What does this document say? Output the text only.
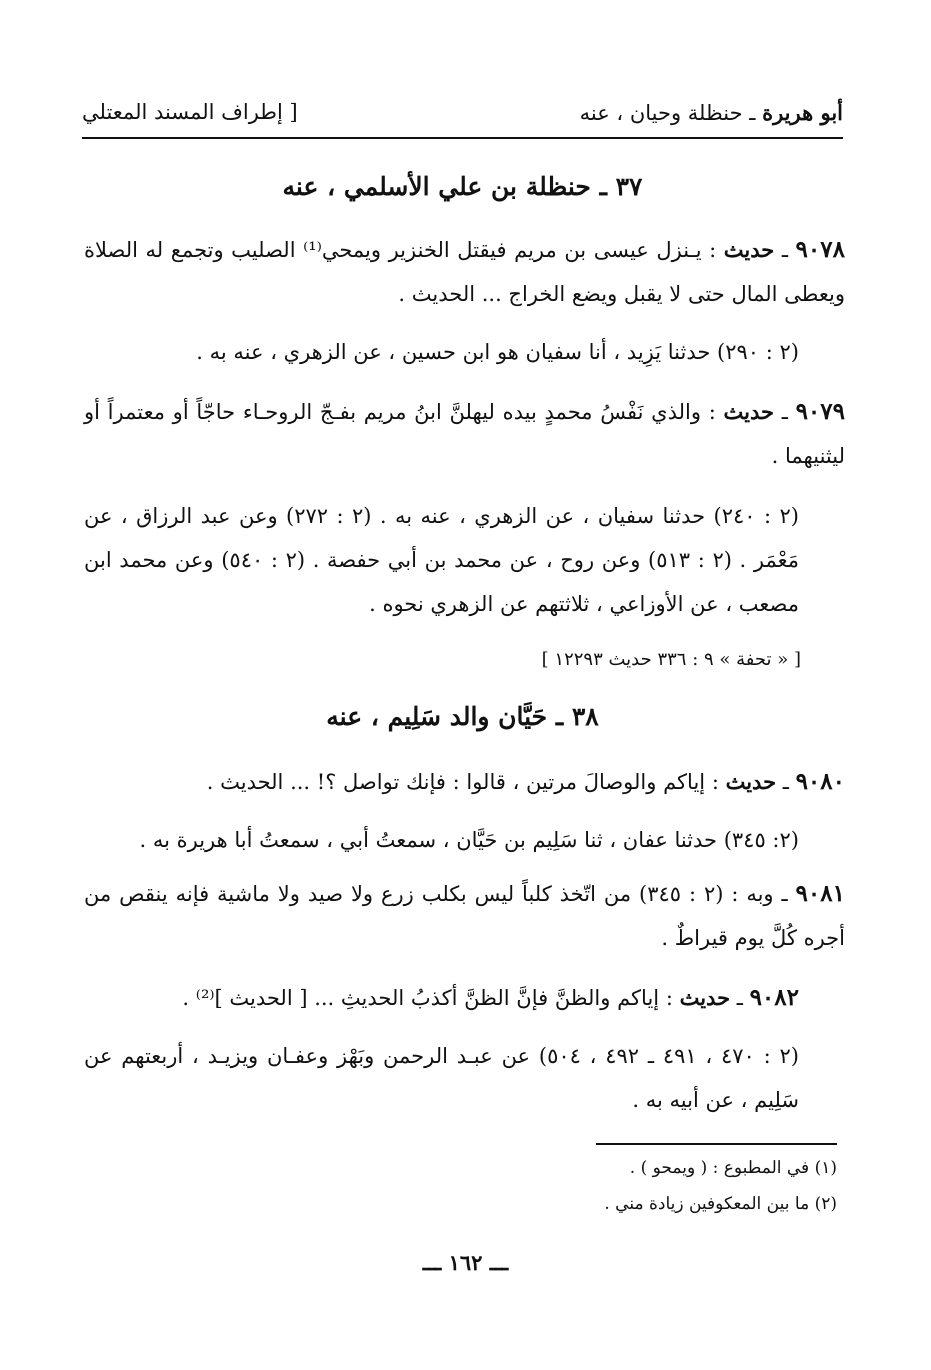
أبو هريرة ـ حنظلة وحيان ، عنه
[ إطراف المسند المعتلي
٣٧ ـ حنظلة بن علي الأسلمي ، عنه
٩٠٧٨ ـ حديث : يـنزل عيسى بن مريم فيقتل الخنزير ويمحي⁽¹⁾ الصليب وتجمع له الصلاة ويعطى المال حتى لا يقبل ويضع الخراج ... الحديث .
(٢ : ٢٩٠) حدثنا يَزِيد ، أنا سفيان هو ابن حسين ، عن الزهري ، عنه به .
٩٠٧٩ ـ حديث : والذي نَفْسُ محمدٍ بيده ليهلنَّ ابنُ مريم بفـجّ الروحـاء حاجّاً أو معتمراً أو ليثنيهما .
(٢ : ٢٤٠) حدثنا سفيان ، عن الزهري ، عنه به . (٢ : ٢٧٢) وعن عبد الرزاق ، عن مَعْمَر . (٢ : ٥١٣) وعن روح ، عن محمد بن أبي حفصة . (٢ : ٥٤٠) وعن محمد ابن مصعب ، عن الأوزاعي ، ثلاثتهم عن الزهري نحوه .
[ « تحفة » ٩ : ٣٣٦ حديث ١٢٢٩٣ ]
٣٨ ـ حَيَّان والد سَلِيم ، عنه
٩٠٨٠ ـ حديث : إياكم والوصالَ مرتين ، قالوا : فإنك تواصل ؟! ... الحديث .
(٢: ٣٤٥) حدثنا عفان ، ثنا سَلِيم بن حَيَّان ، سمعتُ أبي ، سمعتُ أبا هريرة به .
٩٠٨١ ـ وبه : (٢ : ٣٤٥) من اتّخذ كلباً ليس بكلب زرع ولا صيد ولا ماشية فإنه ينقص من أجره كُلَّ يوم قيراطٌ .
٩٠٨٢ ـ حديث : إياكم والظنَّ فإنَّ الظنَّ أكذبُ الحديثِ ... [ الحديث ]⁽²⁾ .
(٢ : ٤٧٠ ، ٤٩١ ـ ٤٩٢ ، ٥٠٤) عن عبـد الرحمن وبَهْز وعفـان ويزيـد ، أربعتهم عن سَلِيم ، عن أبيه به .
(١) في المطبوع : ( ويمحو ) .
(٢) ما بين المعكوفين زيادة مني .
ـــ ١٦٢ ـــ
